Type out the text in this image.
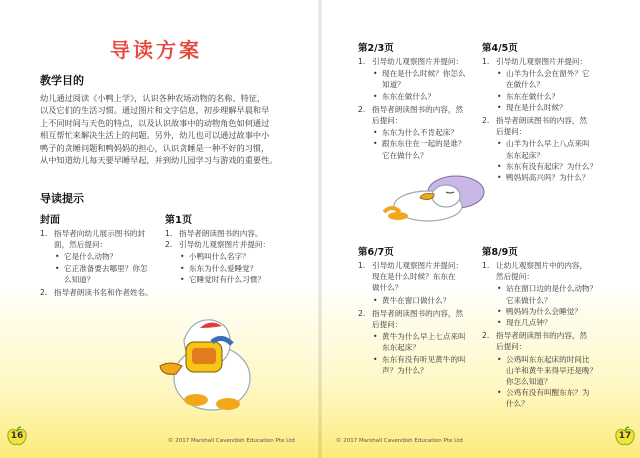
导读方案
教学目的
幼儿通过阅读《小鸭上学》，认识各种农场动物的名称、特征，
以及它们的生活习惯。通过图片和文字信息，初步理解早晨和早
上不同时间与天色的特点，以及认识故事中的动物角色如何通过
相互帮忙来解决生活上的问题。另外，幼儿也可以通过故事中小
鸭子的贪睡问题和鸭妈妈的担心，认识贪睡是一种不好的习惯，
从中知道幼儿每天要早睡早起，并到幼儿园学习与游戏的重要性。
导读提示
封面
1. 指导者向幼儿展示图书的封
面，然后提问：
• 它是什么动物？
• 它正准备要去哪里？你怎
么知道？
2. 指导者朗读书名和作者姓名。
第1页
1. 指导者朗读图书的内容。
2. 引导幼儿观察图片并提问：
• 小鸭叫什么名字？
• 东东为什么爱睡觉？
• 它睡觉时有什么习惯？
© 2017 Marshall Cavendish Education Pte Ltd
16
第2/3页
1. 引导幼儿观察图片并提问：
• 现在是什么时候？你怎么
知道？
• 东东在做什么？
2. 指导者朗读图书的内容，然
后提问：
• 东东为什么不肯起床？
• 跟东东住在一起的是谁？
它在做什么？
第4/5页
1. 引导幼儿观察图片并提问：
• 山羊为什么会在窗外？它
在做什么？
• 东东在做什么？
• 现在是什么时候？
2. 指导者朗读图书的内容，然
后提问：
• 山羊为什么早上八点来叫
东东起床？
• 东东有没有起床？为什么？
• 鸭妈妈高兴吗？为什么？
第6/7页
1. 引导幼儿观察图片并提问：
现在是什么时候？东东在
做什么？
• 黄牛在窗口做什么？
2. 指导者朗读图书的内容，然
后提问：
• 黄牛为什么早上七点来叫
东东起床？
• 东东有没有听见黄牛的叫
声？为什么？
第8/9页
1. 让幼儿观察图片中的内容，
然后提问：
• 站在窗口边的是什么动物？
它来做什么？
• 鸭妈妈为什么会睡觉？
• 现在几点钟？
2. 指导者朗读图书的内容，然
后提问：
• 公鸡叫东东起床的时间比
山羊和黄牛来得早还是晚？
你怎么知道？
• 公鸡有没有叫醒东东？为
什么？
© 2017 Marshall Cavendish Education Pte Ltd	17
